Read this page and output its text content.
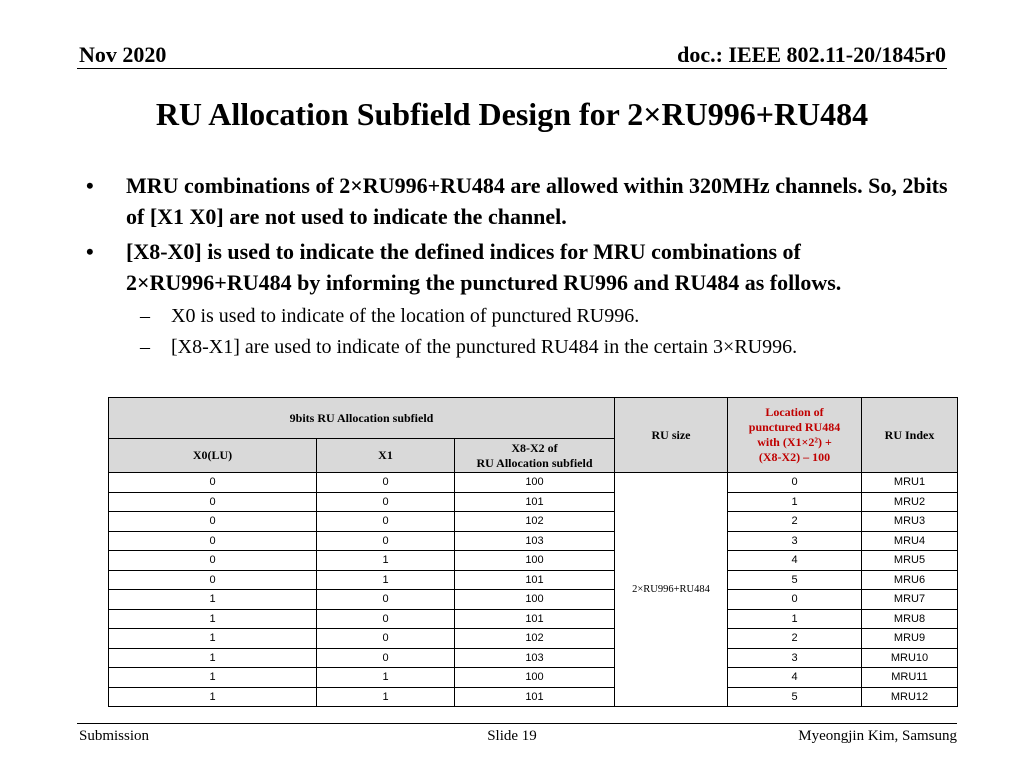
Nov 2020	doc.: IEEE 802.11-20/1845r0
RU Allocation Subfield Design for 2×RU996+RU484
• MRU combinations of 2×RU996+RU484 are allowed within 320MHz channels. So, 2bits of [X1 X0] are not used to indicate the channel.
• [X8-X0] is used to indicate the defined indices for MRU combinations of 2×RU996+RU484 by informing the punctured RU996 and RU484 as follows.
– X0 is used to indicate of the location of punctured RU996.
– [X8-X1] are used to indicate of the punctured RU484 in the certain 3×RU996.
9bits RU Allocation subfield			RU size	Location of
punctured RU484
with (X1×2²) +
(X8-X2) – 100	RU Index
X0(LU)	X1	X8-X2 of
RU Allocation subfield			
0	0	100	2×RU996+RU484	0	MRU1
0	0	101		1	MRU2
0	0	102		2	MRU3
0	0	103		3	MRU4
0	1	100		4	MRU5
0	1	101		5	MRU6
1	0	100		0	MRU7
1	0	101		1	MRU8
1	0	102		2	MRU9
1	0	103		3	MRU10
1	1	100		4	MRU11
1	1	101		5	MRU12
Submission	Slide 19	Myeongjin Kim, Samsung
